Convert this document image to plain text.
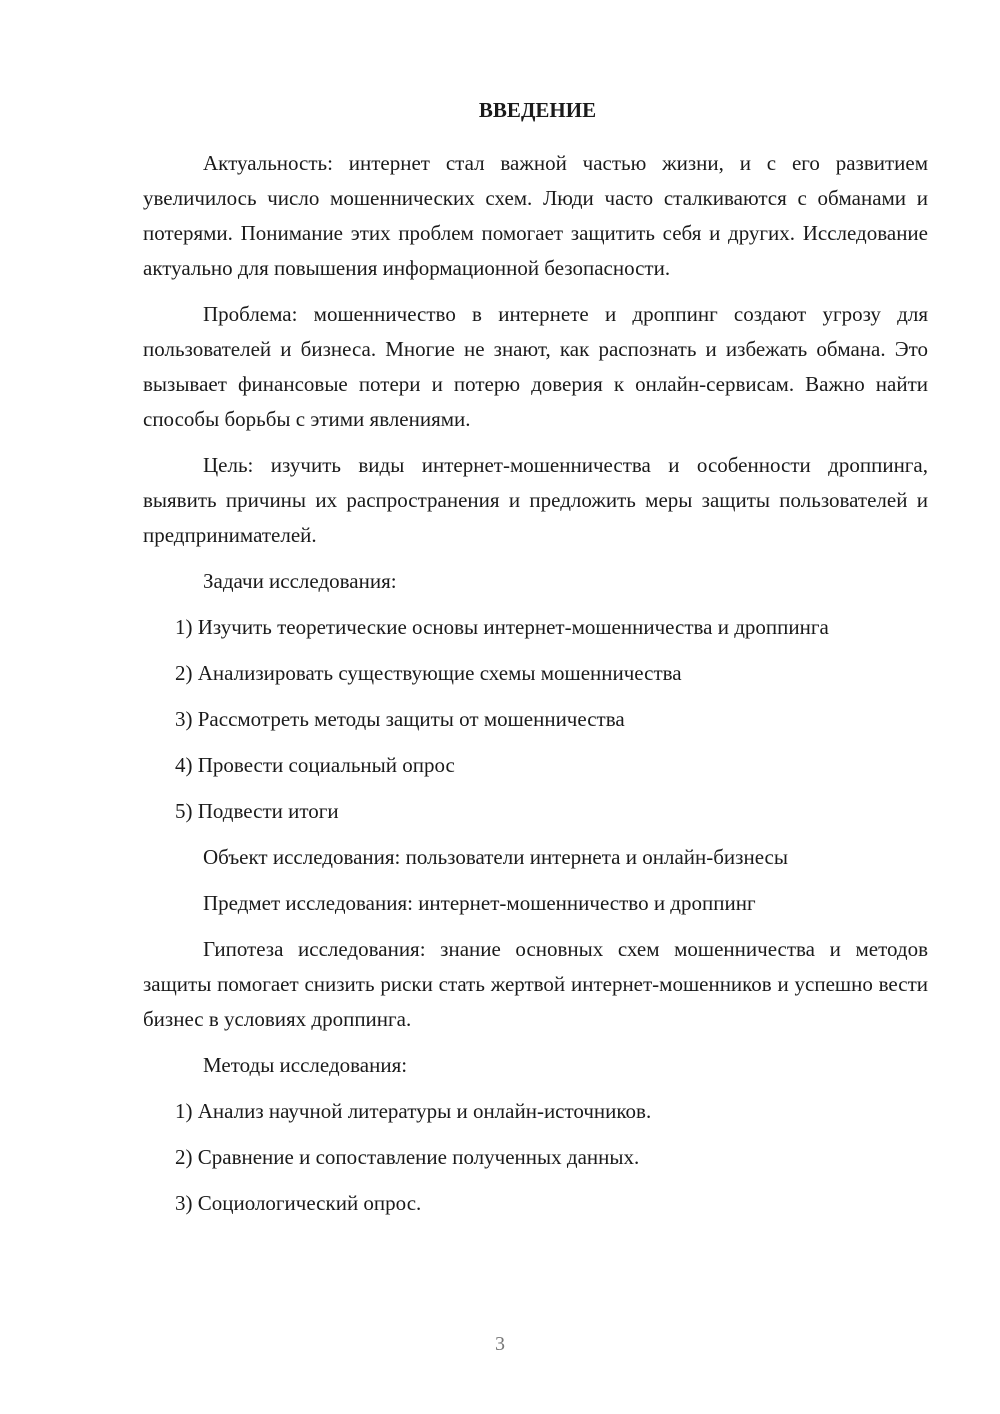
ВВЕДЕНИЕ

Актуальность: интернет стал важной частью жизни, и с его развитием увеличилось число мошеннических схем. Люди часто сталкиваются с обманами и потерями. Понимание этих проблем помогает защитить себя и других. Исследование актуально для повышения информационной безопасности.

Проблема: мошенничество в интернете и дроппинг создают угрозу для пользователей и бизнеса. Многие не знают, как распознать и избежать обмана. Это вызывает финансовые потери и потерю доверия к онлайн-сервисам. Важно найти способы борьбы с этими явлениями.

Цель: изучить виды интернет-мошенничества и особенности дроппинга, выявить причины их распространения и предложить меры защиты пользователей и предпринимателей.

Задачи исследования:

1) Изучить теоретические основы интернет-мошенничества и дроппинга

2) Анализировать существующие схемы мошенничества

3) Рассмотреть методы защиты от мошенничества

4) Провести социальный опрос

5) Подвести итоги

Объект исследования: пользователи интернета и онлайн-бизнесы

Предмет исследования: интернет-мошенничество и дроппинг

Гипотеза исследования: знание основных схем мошенничества и методов защиты помогает снизить риски стать жертвой интернет-мошенников и успешно вести бизнес в условиях дроппинга.

Методы исследования:

1) Анализ научной литературы и онлайн-источников.

2) Сравнение и сопоставление полученных данных.

3) Социологический опрос.

3
